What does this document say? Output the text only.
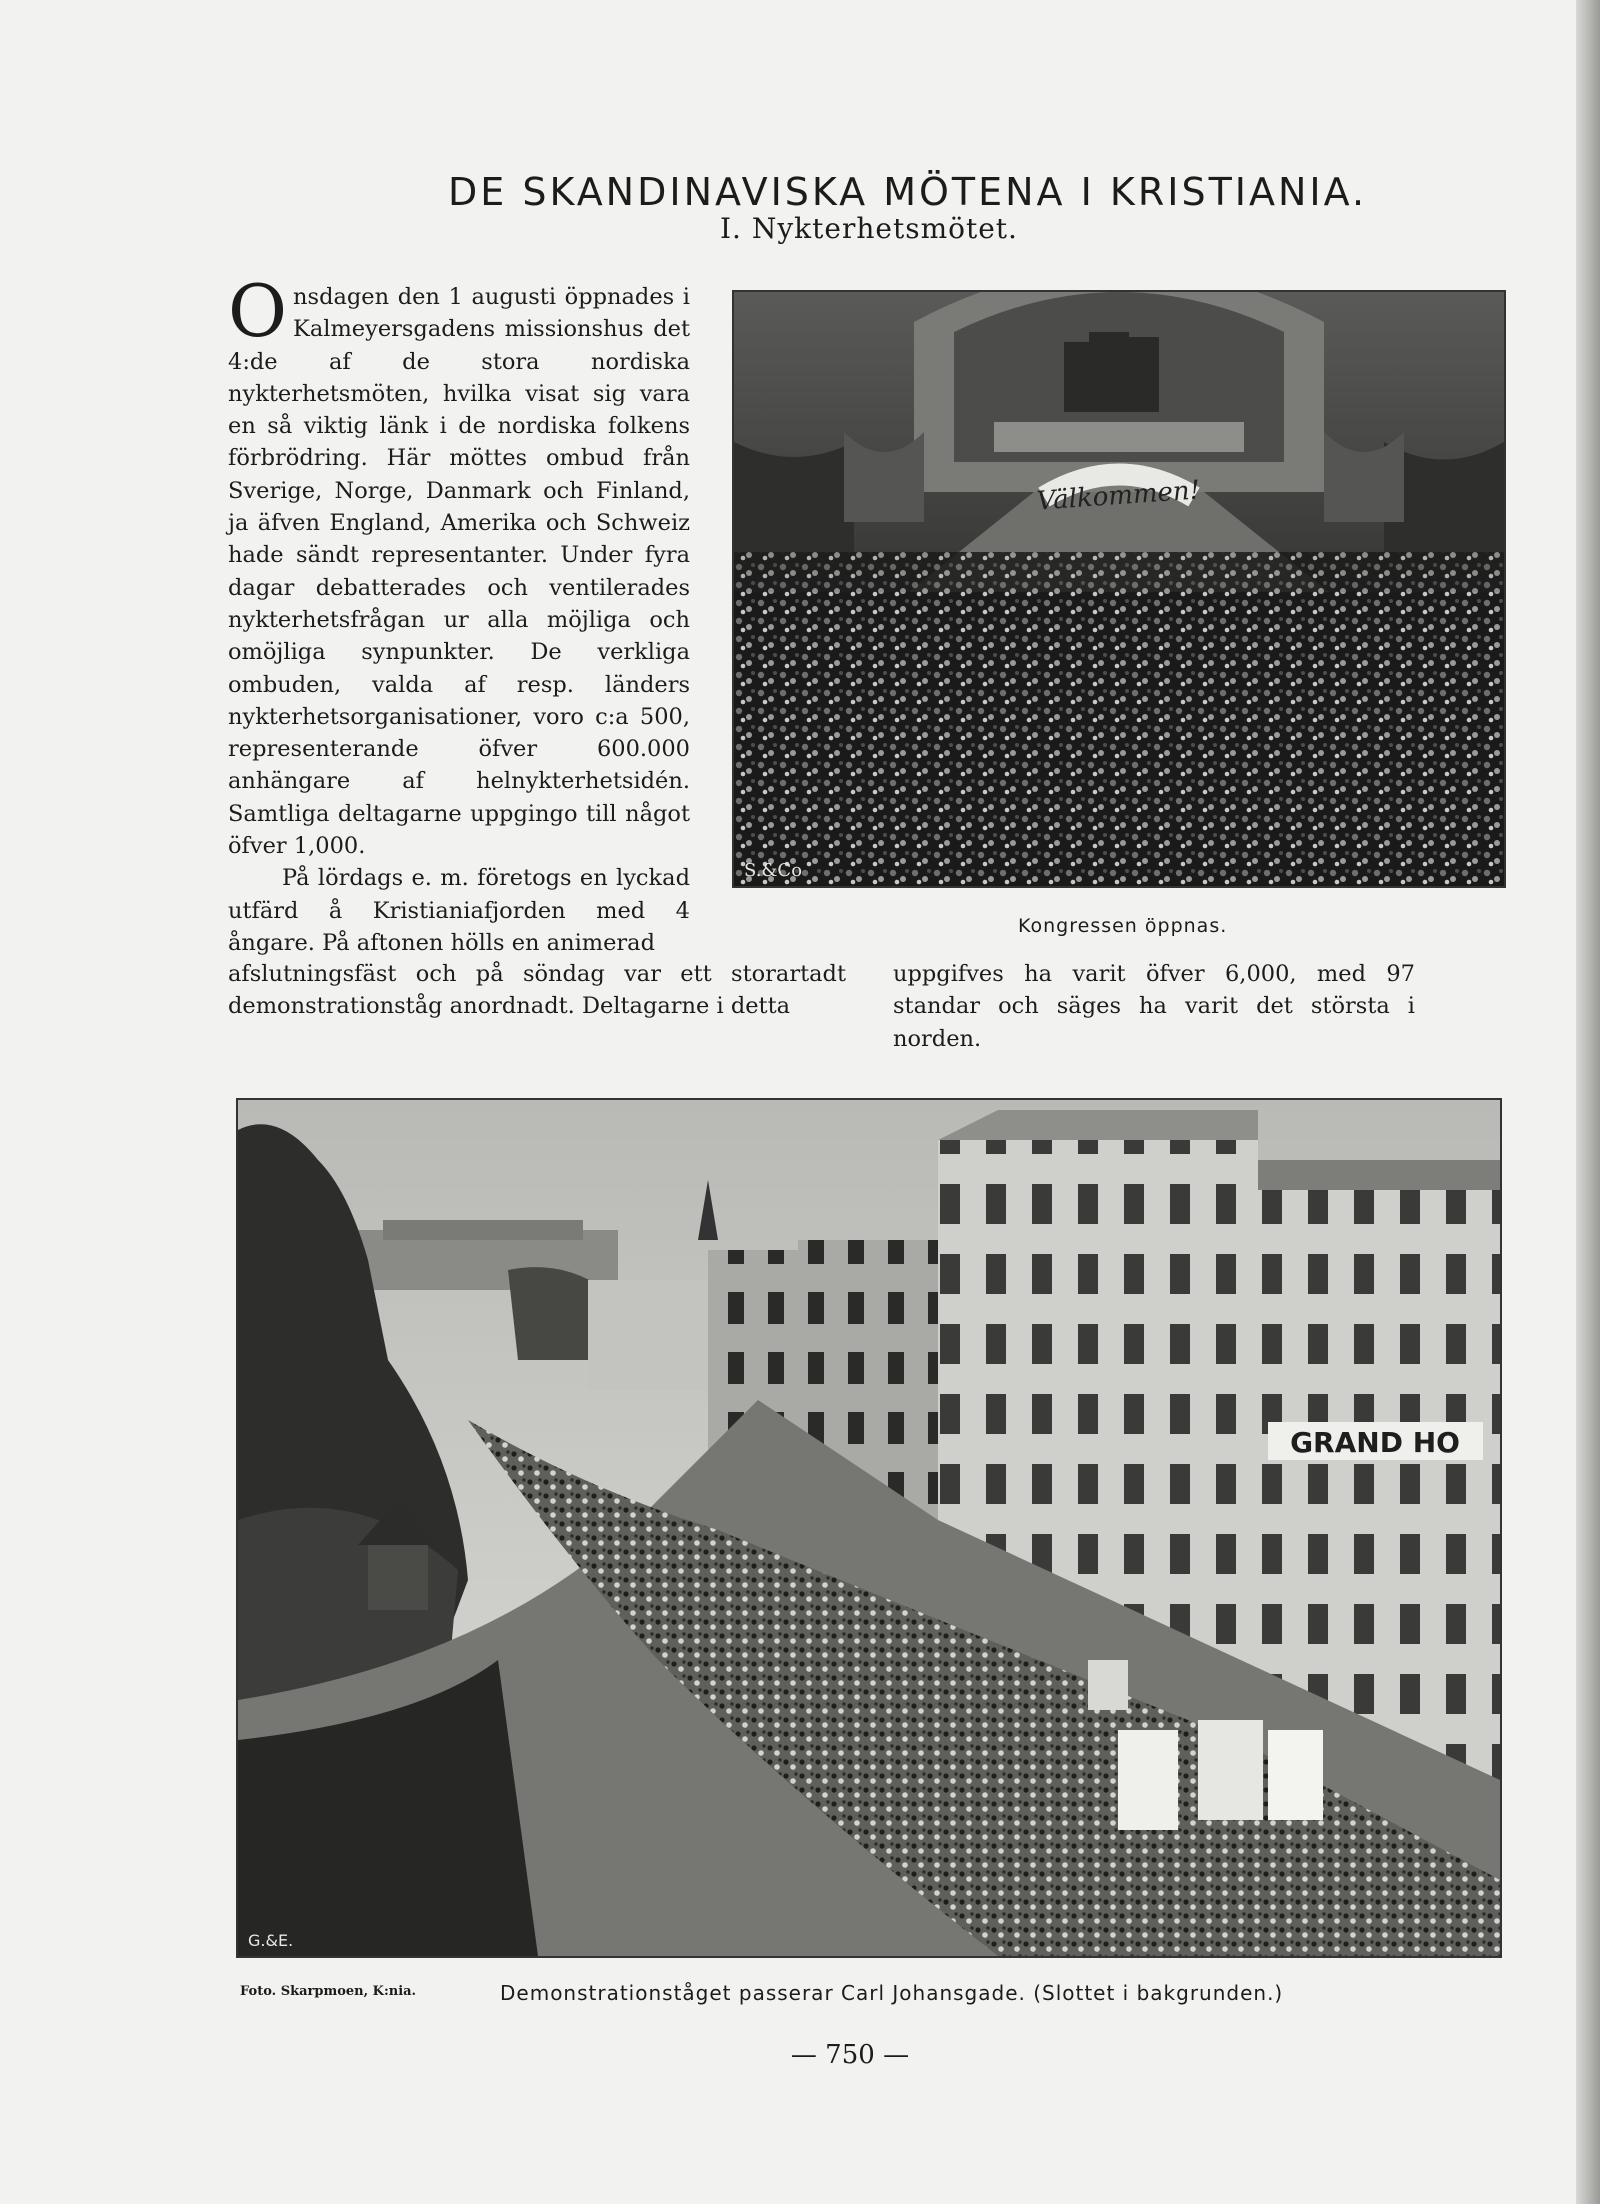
DE SKANDINAVISKA MÖTENA I KRISTIANIA.
I. Nykterhetsmötet.

Onsdagen den 1 augusti öppnades i Kalmeyersgadens missionshus det 4:de af de stora nordiska nykterhetsmöten, hvilka visat sig vara en så viktig länk i de nordiska folkens förbrödring. Här möttes ombud från Sverige, Norge, Danmark och Finland, ja äfven England, Amerika och Schweiz hade sändt representanter. Under fyra dagar debatterades och ventilerades nykterhetsfrågan ur alla möjliga och omöjliga synpunkter. De verkliga ombuden, valda af resp. länders nykterhetsorganisationer, voro c:a 500, representerande öfver 600.000 anhängare af helnykterhetsidén. Samtliga deltagarne uppgingo till något öfver 1,000.

På lördags e. m. företogs en lyckad utfärd å Kristianiafjorden med 4 ångare. På aftonen hölls en animerad

Välkommen!
S.&Co
Kongressen öppnas.

afslutningsfäst och på söndag var ett storartadt demonstrationståg anordnadt. Deltagarne i detta

uppgifves ha varit öfver 6,000, med 97 standar och säges ha varit det största i norden.

GRAND HO
G.&E.
Foto. Skarpmoen, K:nia.	Demonstrationståget passerar Carl Johansgade. (Slottet i bakgrunden.)
— 750 —
